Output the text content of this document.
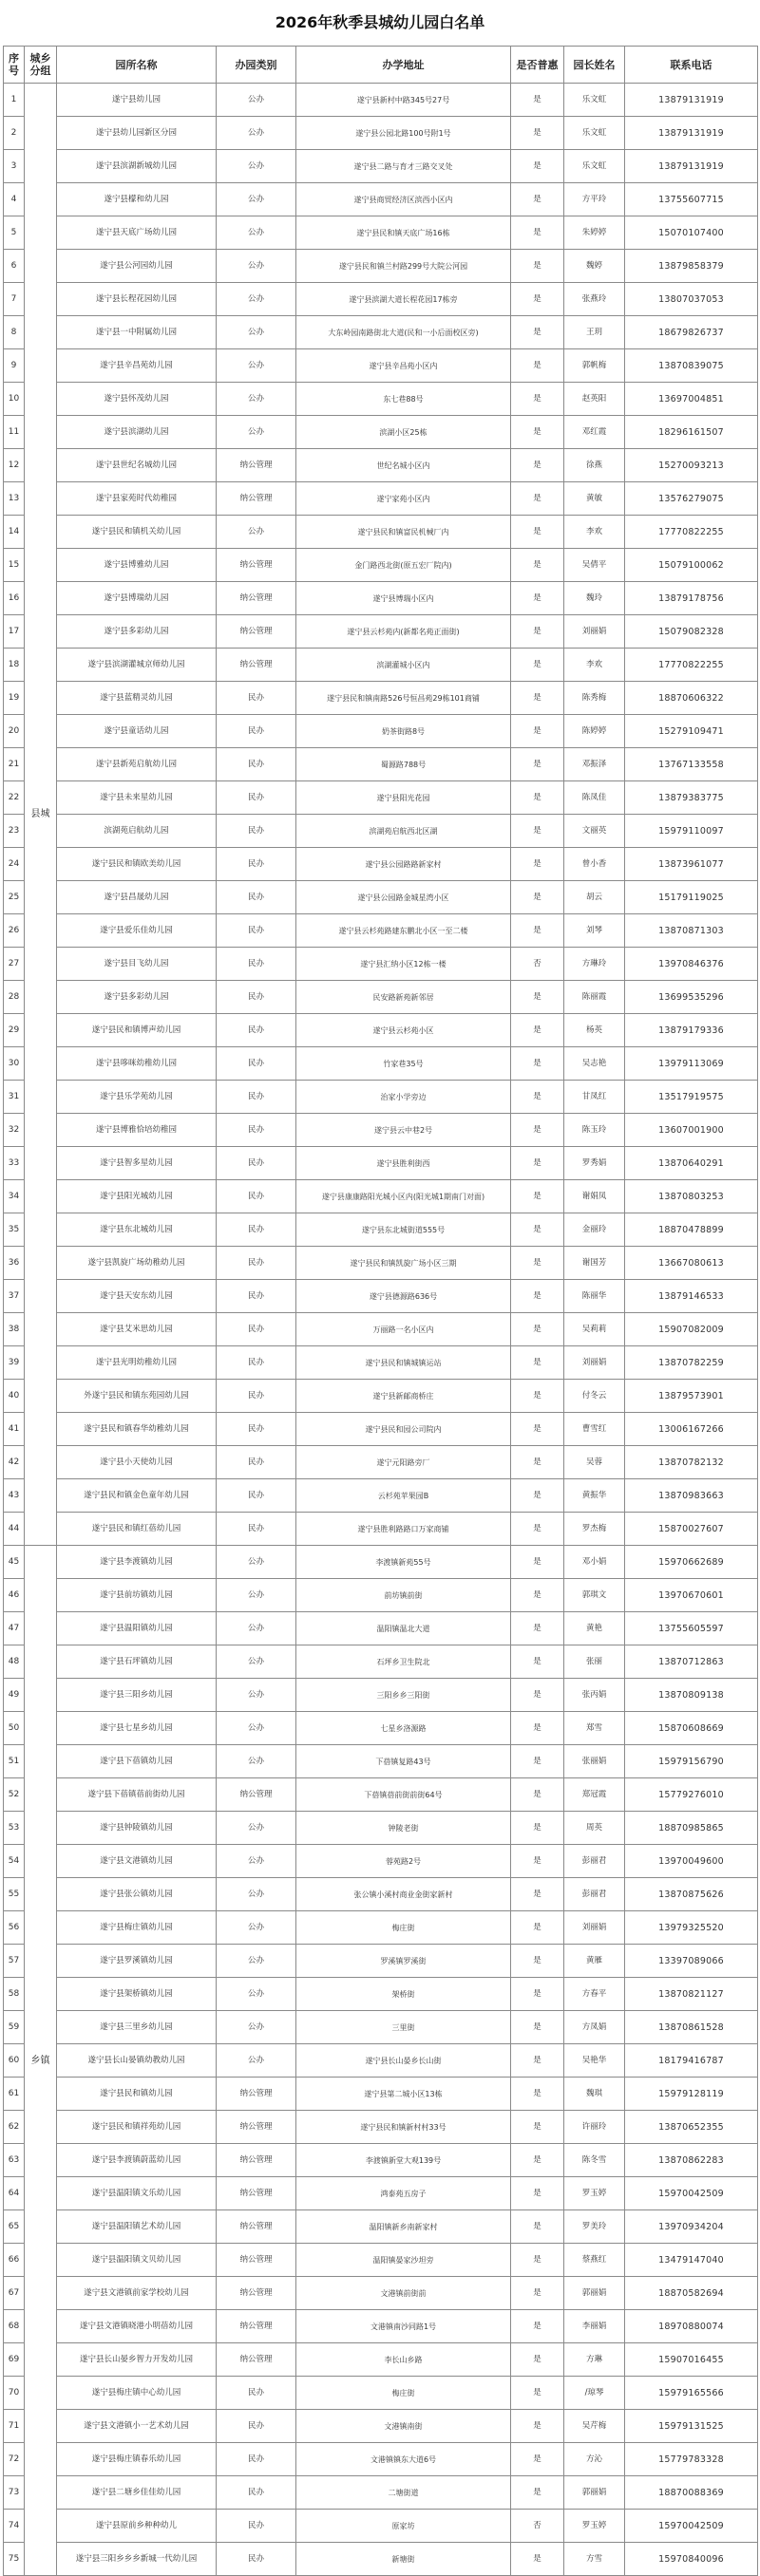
2026年秋季县城幼儿园白名单
序号	城乡分组	园所名称	办园类别	办学地址	是否普惠	园长姓名	联系电话
1	县城	遂宁县幼儿园	公办	遂宁县新村中路345号27号	是	乐文虹	13879131919
2		遂宁县幼儿园新区分园	公办	遂宁县公园北路100号附1号	是	乐文虹	13879131919
3		遂宁县滨湖新城幼儿园	公办	遂宁县二路与育才三路交叉处	是	乐文虹	13879131919
4		遂宁县檬和幼儿园	公办	遂宁县商贸经济区滨西小区内	是	方平玲	13755607715
5		遂宁县天底广场幼儿园	公办	遂宁县民和镇天底广场16栋	是	朱婷婷	15070107400
6		遂宁县公河园幼儿园	公办	遂宁县民和镇兰村路299号大院公河园	是	魏婷	13879858379
7		遂宁县长程花园幼儿园	公办	遂宁县滨湖大道长程花园17栋旁	是	张燕玲	13807037053
8		遂宁县一中附属幼儿园	公办	大东岭园南路街北大道(民和一小后面校区旁)	是	王玥	18679826737
9		遂宁县辛昌苑幼儿园	公办	遂宁县辛昌苑小区内	是	郭帆梅	13870839075
10		遂宁县怀茂幼儿园	公办	东七巷88号	是	赵英阳	13697004851
11		遂宁县滨湖幼儿园	公办	滨湖小区25栋	是	邓红霞	18296161507
12		遂宁县世纪名城幼儿园	纳公管理	世纪名城小区内	是	徐燕	15270093213
13		遂宁县家苑时代幼稚园	纳公管理	遂宁家苑小区内	是	黄敏	13576279075
14		遂宁县民和镇机关幼儿园	公办	遂宁县民和镇富民机械厂内	是	李欢	17770822255
15		遂宁县博雅幼儿园	纳公管理	金门路西北街(原五宏厂院内)	是	吴倩平	15079100062
16		遂宁县博瑞幼儿园	纳公管理	遂宁县博瑞小区内	是	魏玲	13879178756
17		遂宁县多彩幼儿园	纳公管理	遂宁县云杉苑内(新都名苑正面街)	是	刘丽娟	15079082328
18		遂宁县滨湖灌城京师幼儿园	纳公管理	滨湖灌城小区内	是	李欢	17770822255
19		遂宁县蓝精灵幼儿园	民办	遂宁县民和镇南路526号恒昌苑29栋101商铺	是	陈秀梅	18870606322
20		遂宁县童话幼儿园	民办	奶茶街路8号	是	陈婷婷	15279109471
21		遂宁县新苑启航幼儿园	民办	蜀源路788号	是	邓振泽	13767133558
22		遂宁县未来星幼儿园	民办	遂宁县阳光花园	是	陈凤佳	13879383775
23		滨湖苑启航幼儿园	民办	滨湖苑启航西北区湖	是	文丽英	15979110097
24		遂宁县民和镇欧美幼儿园	民办	遂宁县公园路路新家村	是	曾小香	13873961077
25		遂宁县昌晟幼儿园	民办	遂宁县公园路金城星湾小区	是	胡云	15179119025
26		遂宁县爱乐佳幼儿园	民办	遂宁县云杉苑路建东鹏北小区一至二楼	是	刘琴	13870871303
27		遂宁县目飞幼儿园	民办	遂宁县汇纳小区12栋一楼	否	方琳玲	13970846376
28		遂宁县多彩幼儿园	民办	民安路新苑新邻居	是	陈丽霞	13699535296
29		遂宁县民和镇博声幼儿园	民办	遂宁县云杉苑小区	是	杨英	13879179336
30		遂宁县哆咪幼稚幼儿园	民办	竹家巷35号	是	吴志艳	13979113069
31		遂宁县乐学苑幼儿园	民办	治家小学旁边	是	甘凤红	13517919575
32		遂宁县博雅恰培幼稚园	民办	遂宁县云中巷2号	是	陈玉玲	13607001900
33		遂宁县智多星幼儿园	民办	遂宁县胜利街西	是	罗秀娟	13870640291
34		遂宁县阳光城幼儿园	民办	遂宁县康康路阳光城小区内(阳光城1期南门对面)	是	谢娟凤	13870803253
35		遂宁县东北城幼儿园	民办	遂宁县东北城街道555号	是	金丽玲	18870478899
36		遂宁县凯旋广场幼稚幼儿园	民办	遂宁县民和镇凯旋广场小区三期	是	谢国芳	13667080613
37		遂宁县天安东幼儿园	民办	遂宁县德源路636号	是	陈丽华	13879146533
38		遂宁县艾米思幼儿园	民办	万丽路一名小区内	是	吴莉莉	15907082009
39		遂宁县光明幼稚幼儿园	民办	遂宁县民和镇城镇运站	是	刘丽娟	13870782259
40		外遂宁县民和镇东苑园幼儿园	民办	遂宁县新邮商桥庄	是	付冬云	13879573901
41		遂宁县民和镇春华幼稚幼儿园	民办	遂宁县民和园公司院内	是	曹雪红	13006167266
42		遂宁县小天使幼儿园	民办	遂宁元阳路旁厂	是	吴蓉	13870782132
43		遂宁县民和镇金色童年幼儿园	民办	云杉苑苹果园B	是	黄振华	13870983663
44		遂宁县民和镇红蓓幼儿园	民办	遂宁县胜利路路口万家商铺	是	罗杰梅	15870027607
45	乡镇	遂宁县李渡镇幼儿园	公办	李渡镇新苑55号	是	邓小娟	15970662689
46		遂宁县前坊镇幼儿园	公办	前坊镇前街	是	郭琪文	13970670601
47		遂宁县温阳镇幼儿园	公办	温阳镇温北大道	是	黄艳	13755605597
48		遂宁县石坪镇幼儿园	公办	石坪乡卫生院北	是	张丽	13870712863
49		遂宁县三阳乡幼儿园	公办	三阳乡乡三阳街	是	张丙娟	13870809138
50		遂宁县七星乡幼儿园	公办	七星乡洛源路	是	郑雪	15870608669
51		遂宁县下蓓镇幼儿园	公办	下蓓镇复路43号	是	张丽娟	15979156790
52		遂宁县下蓓镇蓓前街幼儿园	纳公管理	下蓓镇蓓前街前街64号	是	郑冠霞	15779276010
53		遂宁县钟陵镇幼儿园	公办	钟陵老街	是	周英	18870985865
54		遂宁县文港镇幼儿园	公办	蓉苑路2号	是	彭丽君	13970049600
55		遂宁县张公镇幼儿园	公办	张公镇小溪村商业金街家新村	是	彭丽君	13870875626
56		遂宁县梅庄镇幼儿园	公办	梅庄街	是	刘丽娟	13979325520
57		遂宁县罗溪镇幼儿园	公办	罗溪镇罗溪街	是	黄雁	13397089066
58		遂宁县架桥镇幼儿园	公办	架桥街	是	方春平	13870821127
59		遂宁县三里乡幼儿园	公办	三里街	是	方凤娟	13870861528
60		遂宁县长山晏镇幼教幼儿园	公办	遂宁县长山晏乡长山街	是	吴艳华	18179416787
61		遂宁县民和镇幼儿园	纳公管理	遂宁县第二城小区13栋	是	魏琪	15979128119
62		遂宁县民和镇祥苑幼儿园	纳公管理	遂宁县民和镇新村村33号	是	许丽玲	13870652355
63		遂宁县李渡镇蔚蓝幼儿园	纳公管理	李渡镇新堂大观139号	是	陈冬雪	13870862283
64		遂宁县温阳镇文乐幼儿园	纳公管理	鸿泰苑五房子	是	罗玉婷	15970042509
65		遂宁县温阳镇艺术幼儿园	纳公管理	温阳镇新乡南新家村	是	罗美玲	13970934204
66		遂宁县温阳镇文贝幼儿园	纳公管理	温阳镇晏家沙坦旁	是	蔡燕红	13479147040
67		遂宁县文港镇前家学校幼儿园	纳公管理	文港镇前街前	是	郭丽娟	18870582694
68		遂宁县文港镇晓港小明蓓幼儿园	纳公管理	文港镇南沙同路1号	是	李丽娟	18970880074
69		遂宁县长山晏乡智力开发幼儿园	纳公管理	李长山乡路	是	方琳	15907016455
70		遂宁县梅庄镇中心幼儿园	民办	梅庄街	是	/琼琴	15979165566
71		遂宁县文港镇小一艺术幼儿园	民办	文港镇南街	是	吴芹梅	15979131525
72		遂宁县梅庄镇春乐幼儿园	民办	文港镇镇东大道6号	是	方沁	15779783328
73		遂宁县二塘乡佳佳幼儿园	民办	二塘街道	是	郭丽娟	18870088369
74		遂宁县原前乡种种幼儿	民办	原家坊	否	罗玉婷	15970042509
75		遂宁县三阳乡乡乡新城一代幼儿园	民办	新塘街	是	方雪	15970840096
